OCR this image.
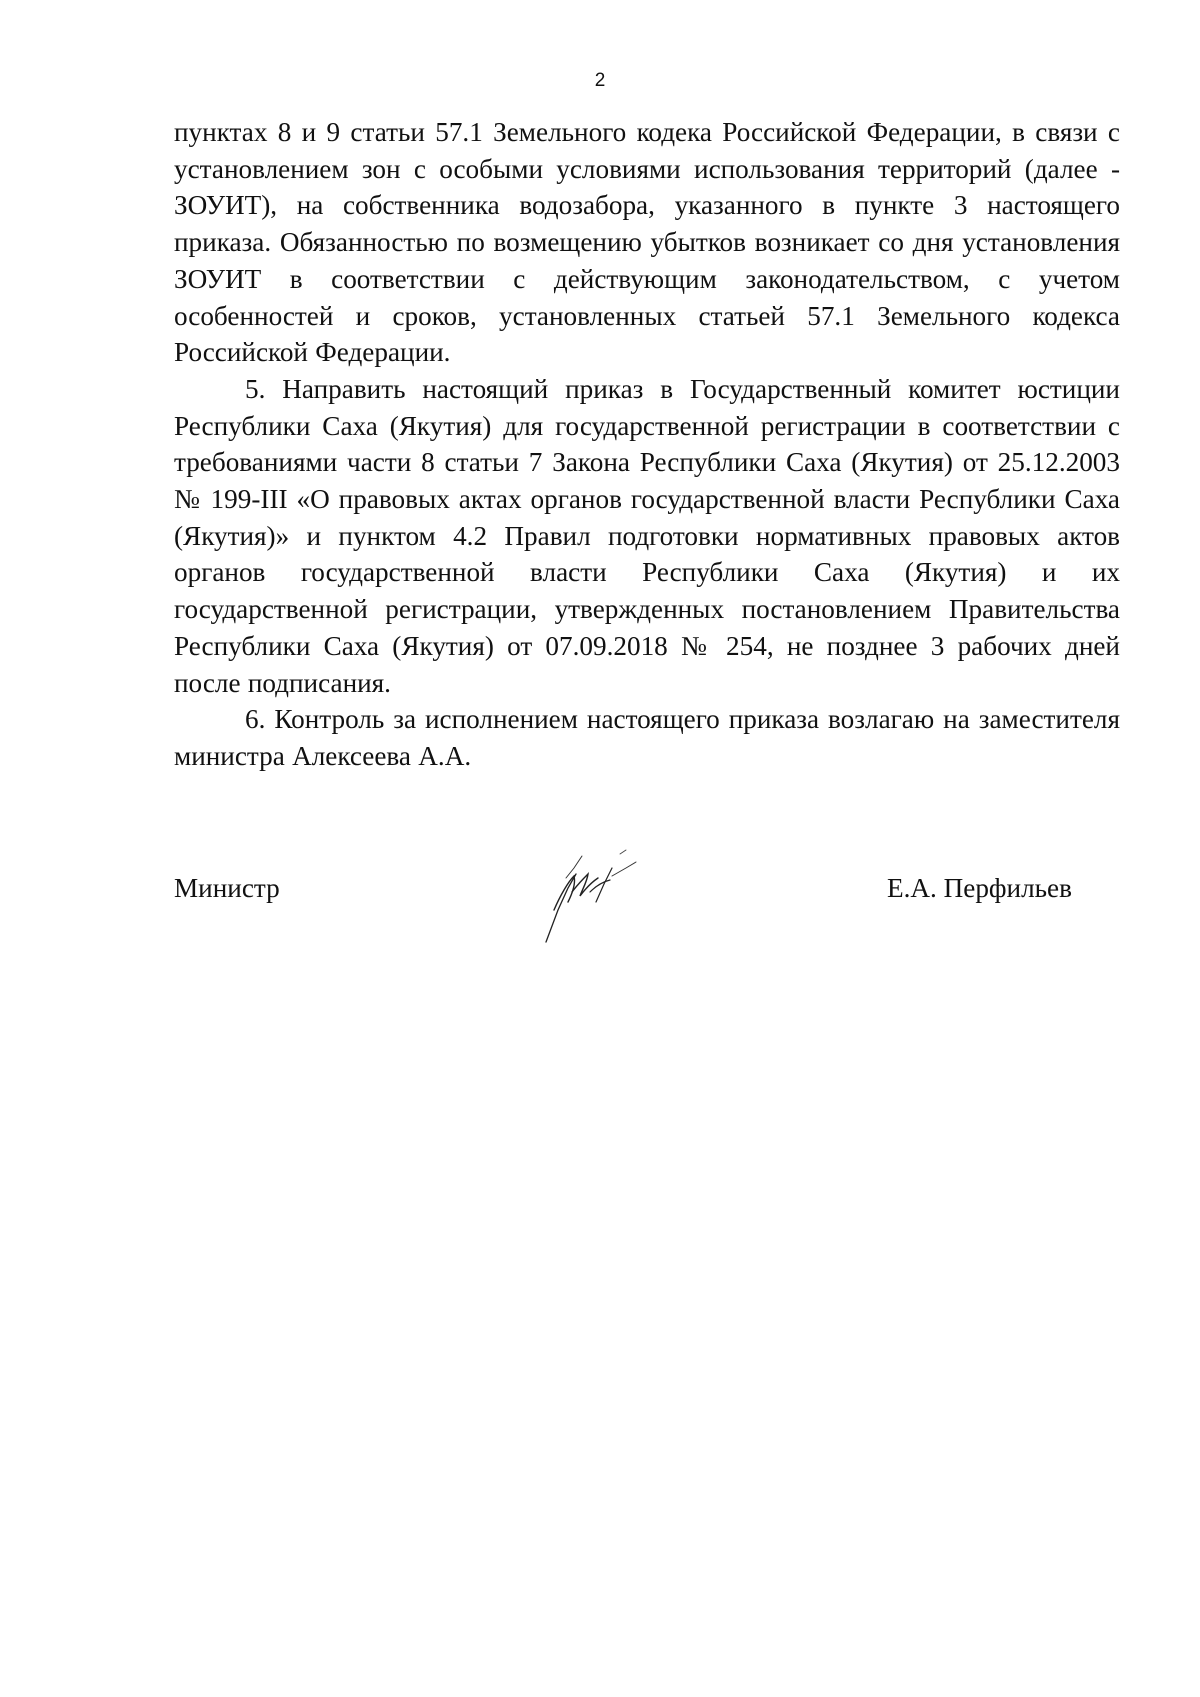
2

пунктах 8 и 9 статьи 57.1 Земельного кодека Российской Федерации, в связи с установлением зон с особыми условиями использования территорий (далее - ЗОУИТ), на собственника водозабора, указанного в пункте 3 настоящего приказа. Обязанностью по возмещению убытков возникает со дня установления ЗОУИТ в соответствии с действующим законодательством, с учетом особенностей и сроков, установленных статьей 57.1 Земельного кодекса Российской Федерации.

5. Направить настоящий приказ в Государственный комитет юстиции Республики Саха (Якутия) для государственной регистрации в соответствии с требованиями части 8 статьи 7 Закона Республики Саха (Якутия) от 25.12.2003 № 199-III «О правовых актах органов государственной власти Республики Саха (Якутия)» и пунктом 4.2 Правил подготовки нормативных правовых актов органов государственной власти Республики Саха (Якутия) и их государственной регистрации, утвержденных постановлением Правительства Республики Саха (Якутия) от 07.09.2018 № 254, не позднее 3 рабочих дней после подписания.

6. Контроль за исполнением настоящего приказа возлагаю на заместителя министра Алексеева А.А.

Министр	Е.А. Перфильев
